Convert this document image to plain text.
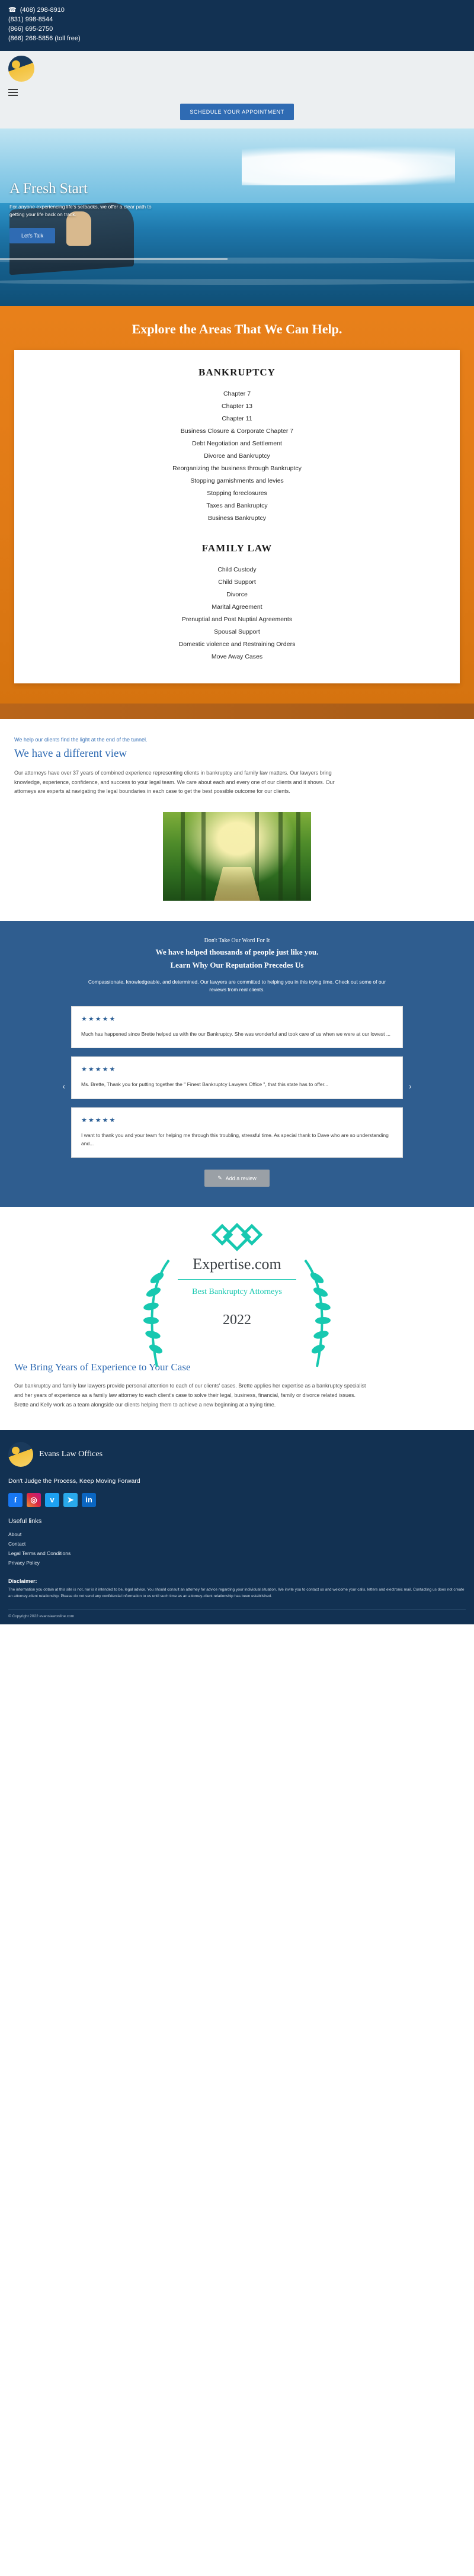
☎ (408) 298-8910
(831) 998-8544
(866) 695-2750
(866) 268-5856 (toll free)
SCHEDULE YOUR APPOINTMENT
A Fresh Start

For anyone experiencing life's setbacks, we offer a clear path to getting your life back on track.

Let's Talk
Explore the Areas That We Can Help.
BANKRUPTCY
Chapter 7
Chapter 13
Chapter 11
Business Closure & Corporate Chapter 7
Debt Negotiation and Settlement
Divorce and Bankruptcy
Reorganizing the business through Bankruptcy
Stopping garnishments and levies
Stopping foreclosures
Taxes and Bankruptcy
Business Bankruptcy
FAMILY LAW
Child Custody
Child Support
Divorce
Marital Agreement
Prenuptial and Post Nuptial Agreements
Spousal Support
Domestic violence and Restraining Orders
Move Away Cases
We help our clients find the light at the end of the tunnel.
We have a different view

Our attorneys have over 37 years of combined experience representing clients in bankruptcy and family law matters. Our lawyers bring knowledge, experience, confidence, and success to your legal team. We care about each and every one of our clients and it shows. Our attorneys are experts at navigating the legal boundaries in each case to get the best possible outcome for our clients.

Don't Take Our Word For It
We have helped thousands of people just like you.
Learn Why Our Reputation Precedes Us
Compassionate, knowledgeable, and determined. Our lawyers are committed to helping you in this trying time. Check out some of our reviews from real clients.
‹
★★★★★

Much has happened since Brette helped us with the our Bankruptcy. She was wonderful and took care of us when we were at our lowest ...

★★★★★

Ms. Brette, Thank you for putting together the " Finest Bankruptcy Lawyers Office ", that this state has to offer...

★★★★★

I want to thank you and your team for helping me through this troubling, stressful time. As special thank to Dave who are so understanding and...

›
✎ Add a review
Expertise.com
Best Bankruptcy Attorneys
2022
We Bring Years of Experience to Your Case

Our bankruptcy and family law lawyers provide personal attention to each of our clients' cases. Brette applies her expertise as a bankruptcy specialist and her years of experience as a family law attorney to each client's case to solve their legal, business, financial, family or divorce related issues. Brette and Kelly work as a team alongside our clients helping them to achieve a new beginning at a trying time.

Evans Law Offices
Don't Judge the Process, Keep Moving Forward
f	◎	ᴠ	➤	in
Useful links
About
Contact
Legal Terms and Conditions
Privacy Policy
Disclaimer:
The information you obtain at this site is not, nor is it intended to be, legal advice. You should consult an attorney for advice regarding your individual situation. We invite you to contact us and welcome your calls, letters and electronic mail. Contacting us does not create an attorney-client relationship. Please do not send any confidential information to us until such time as an attorney-client relationship has been established.
© Copyright 2022 evanslawonline.com
